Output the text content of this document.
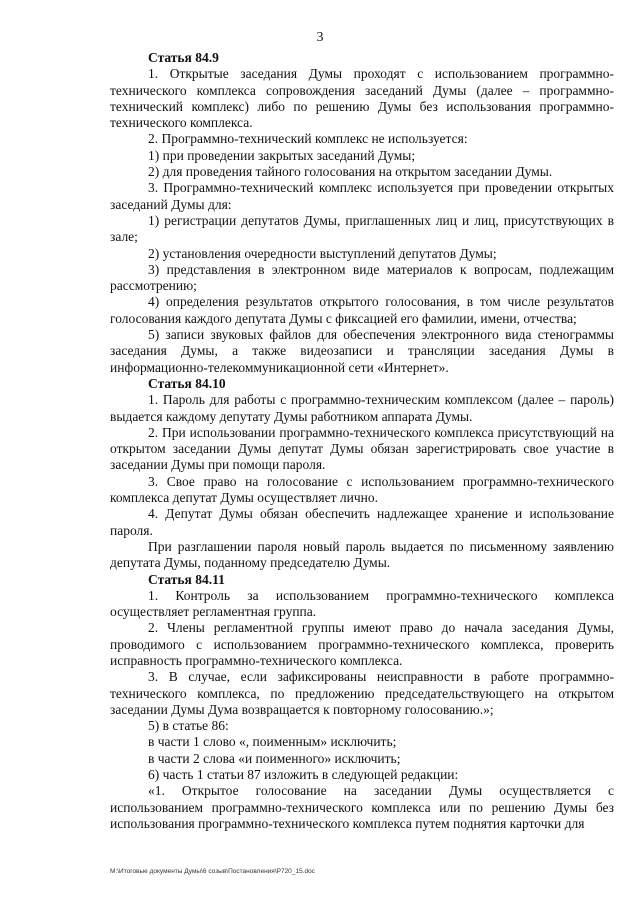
3

Статья 84.9

1. Открытые заседания Думы проходят с использованием программно-технического комплекса сопровождения заседаний Думы (далее – программно-технический комплекс) либо по решению Думы без использования программно-технического комплекса.

2. Программно-технический комплекс не используется:

1) при проведении закрытых заседаний Думы;

2) для проведения тайного голосования на открытом заседании Думы.

3. Программно-технический комплекс используется при проведении открытых заседаний Думы для:

1) регистрации депутатов Думы, приглашенных лиц и лиц, присутствующих в зале;

2) установления очередности выступлений депутатов Думы;

3) представления в электронном виде материалов к вопросам, подлежащим рассмотрению;

4) определения результатов открытого голосования, в том числе результатов голосования каждого депутата Думы с фиксацией его фамилии, имени, отчества;

5) записи звуковых файлов для обеспечения электронного вида стенограммы заседания Думы, а также видеозаписи и трансляции заседания Думы в информационно-телекоммуникационной сети «Интернет».

Статья 84.10

1. Пароль для работы с программно-техническим комплексом (далее – пароль) выдается каждому депутату Думы работником аппарата Думы.

2. При использовании программно-технического комплекса присутствующий на открытом заседании Думы депутат Думы обязан зарегистрировать свое участие в заседании Думы при помощи пароля.

3. Свое право на голосование с использованием программно-технического комплекса депутат Думы осуществляет лично.

4. Депутат Думы обязан обеспечить надлежащее хранение и использование пароля.

При разглашении пароля новый пароль выдается по письменному заявлению депутата Думы, поданному председателю Думы.

Статья 84.11

1. Контроль за использованием программно-технического комплекса осуществляет регламентная группа.

2. Члены регламентной группы имеют право до начала заседания Думы, проводимого с использованием программно-технического комплекса, проверить исправность программно-технического комплекса.

3. В случае, если зафиксированы неисправности в работе программно-технического комплекса, по предложению председательствующего на открытом заседании Думы Дума возвращается к повторному голосованию.»;

5) в статье 86:

в части 1 слово «, поименным» исключить;

в части 2 слова «и поименного» исключить;

6) часть 1 статьи 87 изложить в следующей редакции:

«1. Открытое голосование на заседании Думы осуществляется с использованием программно-технического комплекса или по решению Думы без использования программно-технического комплекса путем поднятия карточки для

M:\Итоговые документы Думы\6 созыв\Постановления\Р720_15.doc
